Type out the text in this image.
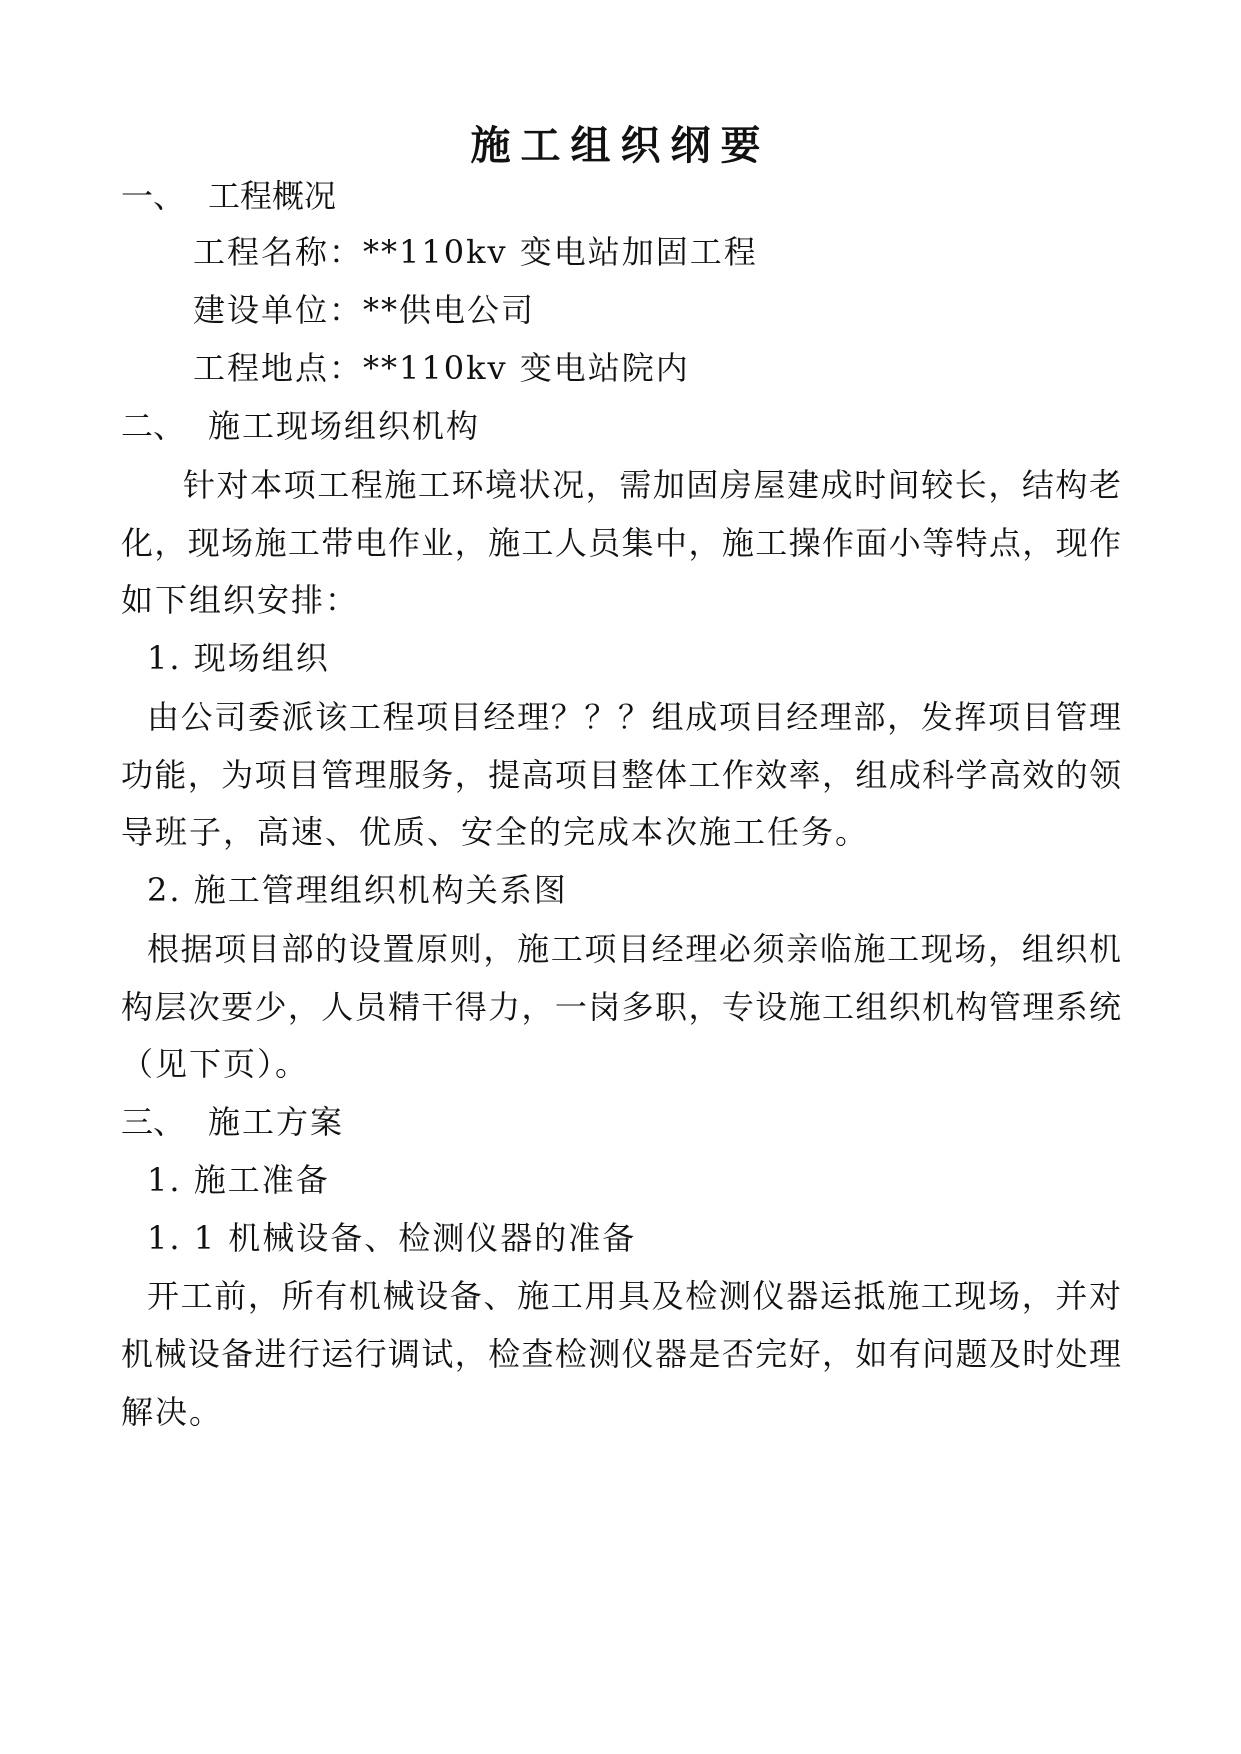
施工组织纲要
一、 工程概况
工程名称：**110kv 变电站加固工程
建设单位：**供电公司
工程地点：**110kv 变电站院内
二、 施工现场组织机构
针对本项工程施工环境状况，需加固房屋建成时间较长，结构老
化，现场施工带电作业，施工人员集中，施工操作面小等特点，现作
如下组织安排：
1. 现场组织
由公司委派该工程项目经理？？？组成项目经理部，发挥项目管理
功能，为项目管理服务，提高项目整体工作效率，组成科学高效的领
导班子，高速、优质、安全的完成本次施工任务。
2. 施工管理组织机构关系图
根据项目部的设置原则，施工项目经理必须亲临施工现场，组织机
构层次要少，人员精干得力，一岗多职，专设施工组织机构管理系统
（见下页）。
三、 施工方案
1. 施工准备
1. 1 机械设备、检测仪器的准备
开工前，所有机械设备、施工用具及检测仪器运抵施工现场，并对
机械设备进行运行调试，检查检测仪器是否完好，如有问题及时处理
解决。
